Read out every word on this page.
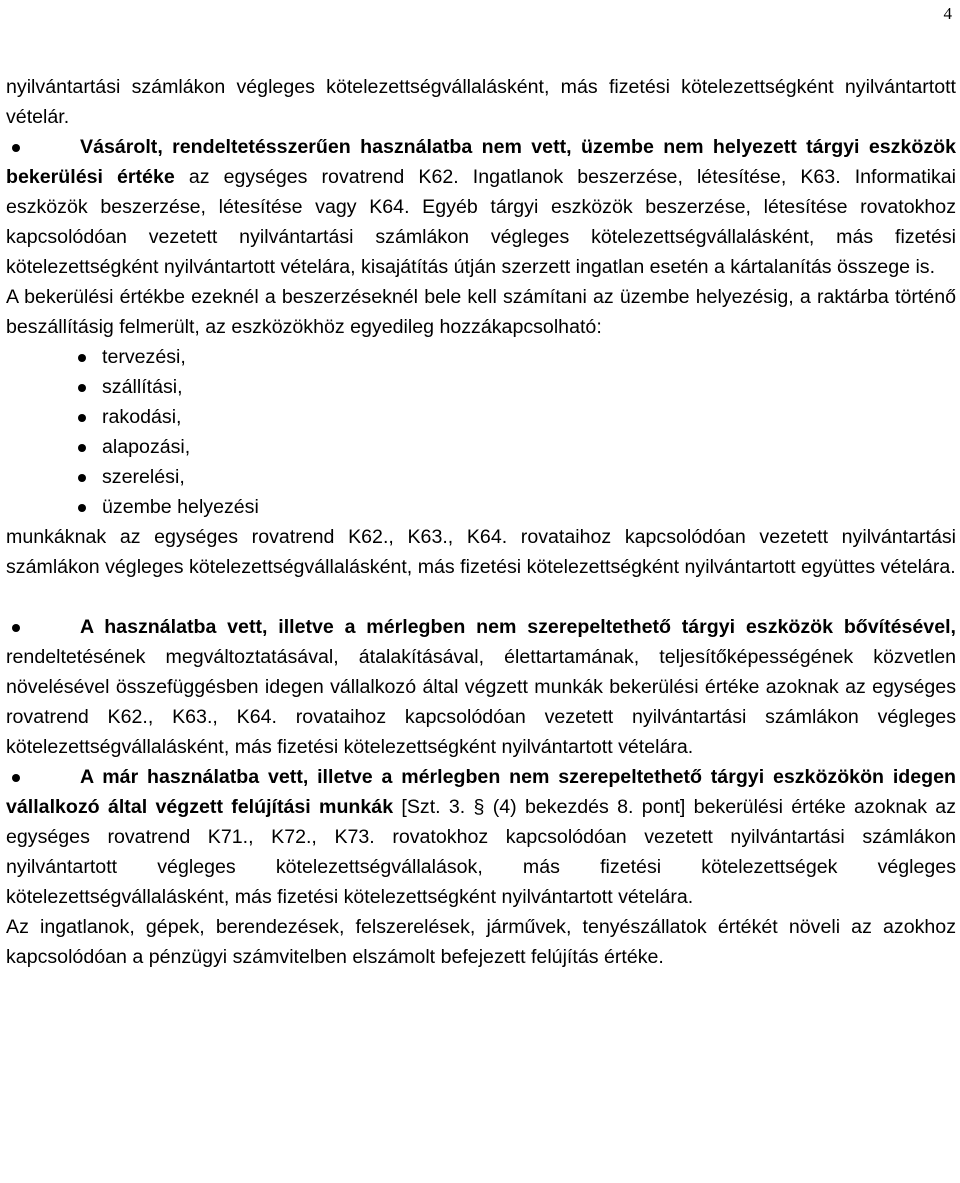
4

nyilvántartási számlákon végleges kötelezettségvállalásként, más fizetési kötelezettségként nyilvántartott vételár.

Vásárolt, rendeltetésszerűen használatba nem vett, üzembe nem helyezett tárgyi eszközök bekerülési értéke az egységes rovatrend K62. Ingatlanok beszerzése, létesítése, K63. Informatikai eszközök beszerzése, létesítése vagy K64. Egyéb tárgyi eszközök beszerzése, létesítése rovatokhoz kapcsolódóan vezetett nyilvántartási számlákon végleges kötelezettségvállalásként, más fizetési kötelezettségként nyilvántartott vételára, kisajátítás útján szerzett ingatlan esetén a kártalanítás összege is.

A bekerülési értékbe ezeknél a beszerzéseknél bele kell számítani az üzembe helyezésig, a raktárba történő beszállításig felmerült, az eszközökhöz egyedileg hozzákapcsolható:

tervezési,
szállítási,
rakodási,
alapozási,
szerelési,
üzembe helyezési

munkáknak az egységes rovatrend K62., K63., K64. rovataihoz kapcsolódóan vezetett nyilvántartási számlákon végleges kötelezettségvállalásként, más fizetési kötelezettségként nyilvántartott együttes vételára.

A használatba vett, illetve a mérlegben nem szerepeltethető tárgyi eszközök bővítésével, rendeltetésének megváltoztatásával, átalakításával, élettartamának, teljesítőképességének közvetlen növelésével összefüggésben idegen vállalkozó által végzett munkák bekerülési értéke azoknak az egységes rovatrend K62., K63., K64. rovataihoz kapcsolódóan vezetett nyilvántartási számlákon végleges kötelezettségvállalásként, más fizetési kötelezettségként nyilvántartott vételára.

A már használatba vett, illetve a mérlegben nem szerepeltethető tárgyi eszközökön idegen vállalkozó által végzett felújítási munkák [Szt. 3. § (4) bekezdés 8. pont] bekerülési értéke azoknak az egységes rovatrend K71., K72., K73. rovatokhoz kapcsolódóan vezetett nyilvántartási számlákon nyilvántartott végleges kötelezettségvállalások, más fizetési kötelezettségek végleges kötelezettségvállalásként, más fizetési kötelezettségként nyilvántartott vételára.

Az ingatlanok, gépek, berendezések, felszerelések, járművek, tenyészállatok értékét növeli az azokhoz kapcsolódóan a pénzügyi számvitelben elszámolt befejezett felújítás értéke.
